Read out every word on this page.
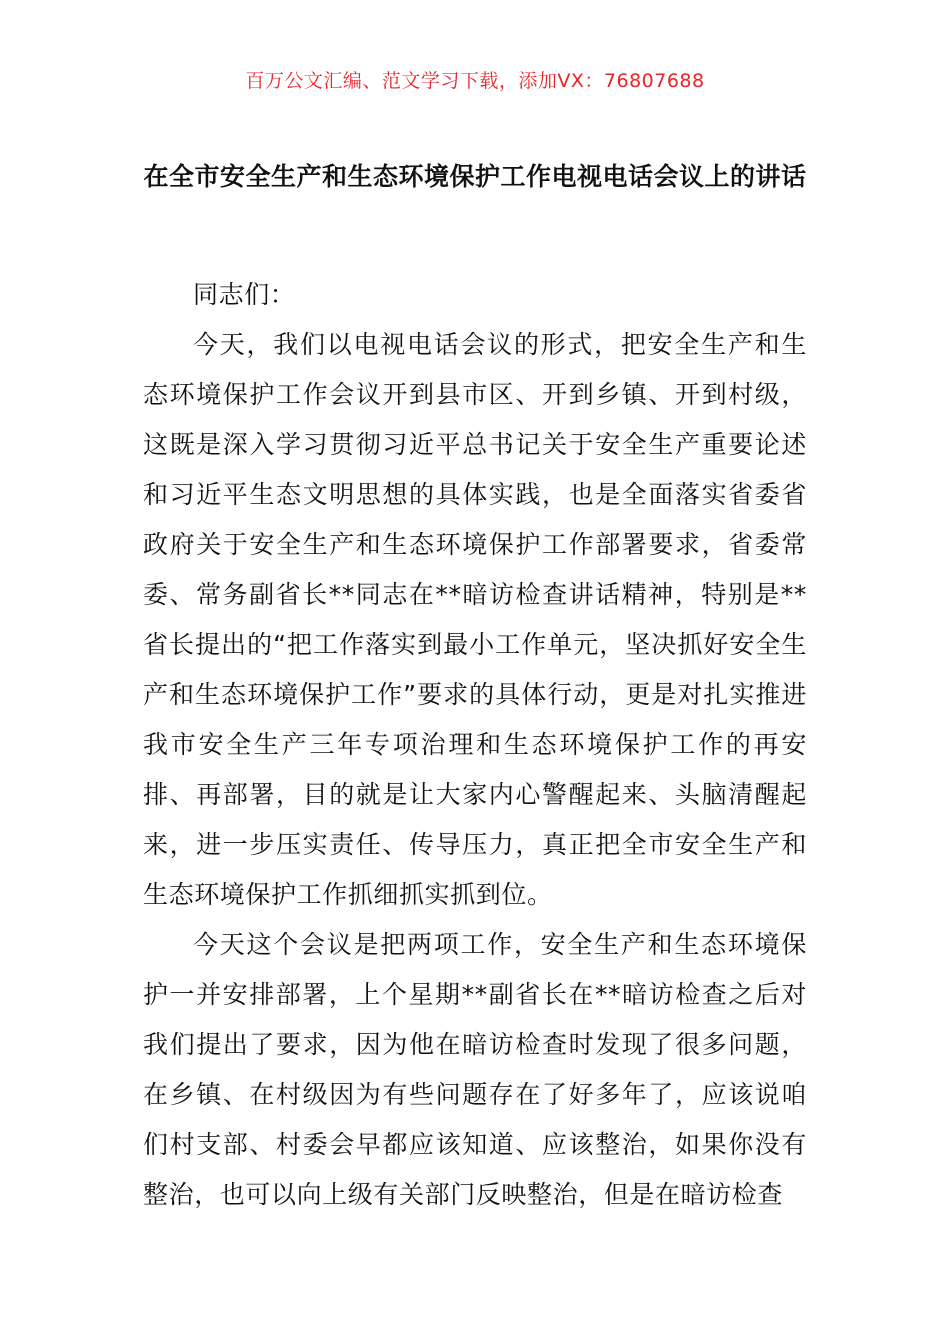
百万公文汇编、范文学习下载，添加VX：76807688
在全市安全生产和生态环境保护工作电视电话会议上的讲话

同志们：

今天，我们以电视电话会议的形式，把安全生产和生态环境保护工作会议开到县市区、开到乡镇、开到村级，这既是深入学习贯彻习近平总书记关于安全生产重要论述和习近平生态文明思想的具体实践，也是全面落实省委省政府关于安全生产和生态环境保护工作部署要求，省委常委、常务副省长**同志在**暗访检查讲话精神，特别是**省长提出的“把工作落实到最小工作单元，坚决抓好安全生产和生态环境保护工作”要求的具体行动，更是对扎实推进我市安全生产三年专项治理和生态环境保护工作的再安排、再部署，目的就是让大家内心警醒起来、头脑清醒起来，进一步压实责任、传导压力，真正把全市安全生产和生态环境保护工作抓细抓实抓到位。

今天这个会议是把两项工作，安全生产和生态环境保护一并安排部署，上个星期**副省长在**暗访检查之后对我们提出了要求，因为他在暗访检查时发现了很多问题，在乡镇、在村级因为有些问题存在了好多年了，应该说咱们村支部、村委会早都应该知道、应该整治，如果你没有整治，也可以向上级有关部门反映整治，但是在暗访检查
